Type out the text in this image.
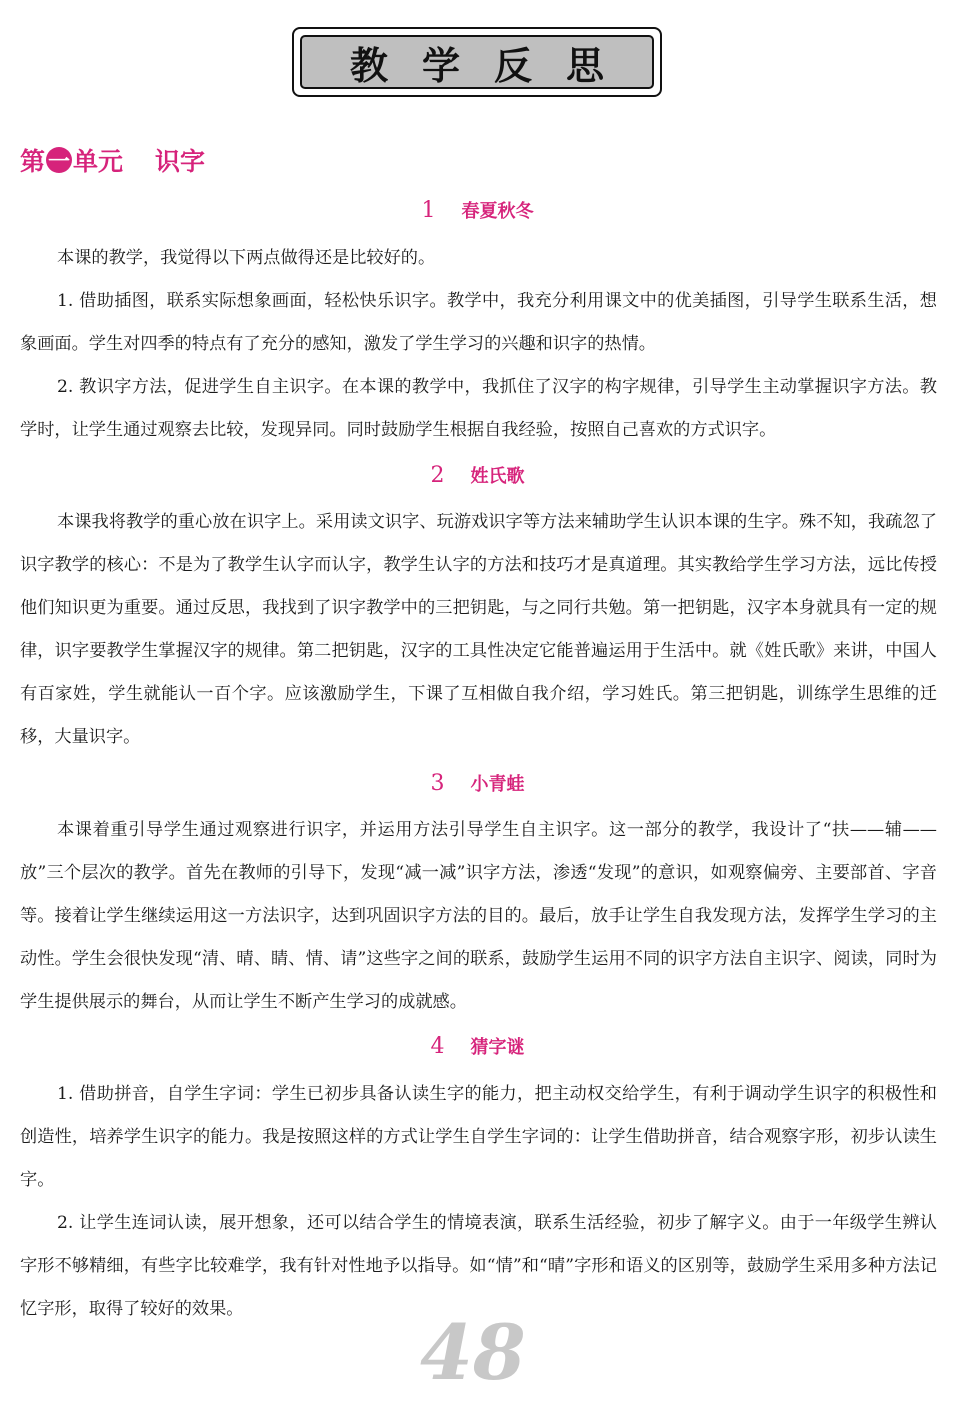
教学反思
第 一 单元 识字
1 春夏秋冬

本课的教学，我觉得以下两点做得还是比较好的。

1. 借助插图，联系实际想象画面，轻松快乐识字。教学中，我充分利用课文中的优美插图，引导学生联系生活，想象画面。学生对四季的特点有了充分的感知，激发了学生学习的兴趣和识字的热情。

2. 教识字方法，促进学生自主识字。在本课的教学中，我抓住了汉字的构字规律，引导学生主动掌握识字方法。教学时，让学生通过观察去比较，发现异同。同时鼓励学生根据自我经验，按照自己喜欢的方式识字。

2 姓氏歌

本课我将教学的重心放在识字上。采用读文识字、玩游戏识字等方法来辅助学生认识本课的生字。殊不知，我疏忽了识字教学的核心：不是为了教学生认字而认字，教学生认字的方法和技巧才是真道理。其实教给学生学习方法，远比传授他们知识更为重要。通过反思，我找到了识字教学中的三把钥匙，与之同行共勉。第一把钥匙，汉字本身就具有一定的规律，识字要教学生掌握汉字的规律。第二把钥匙，汉字的工具性决定它能普遍运用于生活中。就《姓氏歌》来讲，中国人有百家姓，学生就能认一百个字。应该激励学生，下课了互相做自我介绍，学习姓氏。第三把钥匙，训练学生思维的迁移，大量识字。

3 小青蛙

本课着重引导学生通过观察进行识字，并运用方法引导学生自主识字。这一部分的教学，我设计了“扶——辅——放”三个层次的教学。首先在教师的引导下，发现“减一减”识字方法，渗透“发现”的意识，如观察偏旁、主要部首、字音等。接着让学生继续运用这一方法识字，达到巩固识字方法的目的。最后，放手让学生自我发现方法，发挥学生学习的主动性。学生会很快发现“清、晴、睛、情、请”这些字之间的联系，鼓励学生运用不同的识字方法自主识字、阅读，同时为学生提供展示的舞台，从而让学生不断产生学习的成就感。

4 猜字谜

1. 借助拼音，自学生字词：学生已初步具备认读生字的能力，把主动权交给学生，有利于调动学生识字的积极性和创造性，培养学生识字的能力。我是按照这样的方式让学生自学生字词的：让学生借助拼音，结合观察字形，初步认读生字。

2. 让学生连词认读，展开想象，还可以结合学生的情境表演，联系生活经验，初步了解字义。由于一年级学生辨认字形不够精细，有些字比较难学，我有针对性地予以指导。如“情”和“晴”字形和语义的区别等，鼓励学生采用多种方法记忆字形，取得了较好的效果。	48
